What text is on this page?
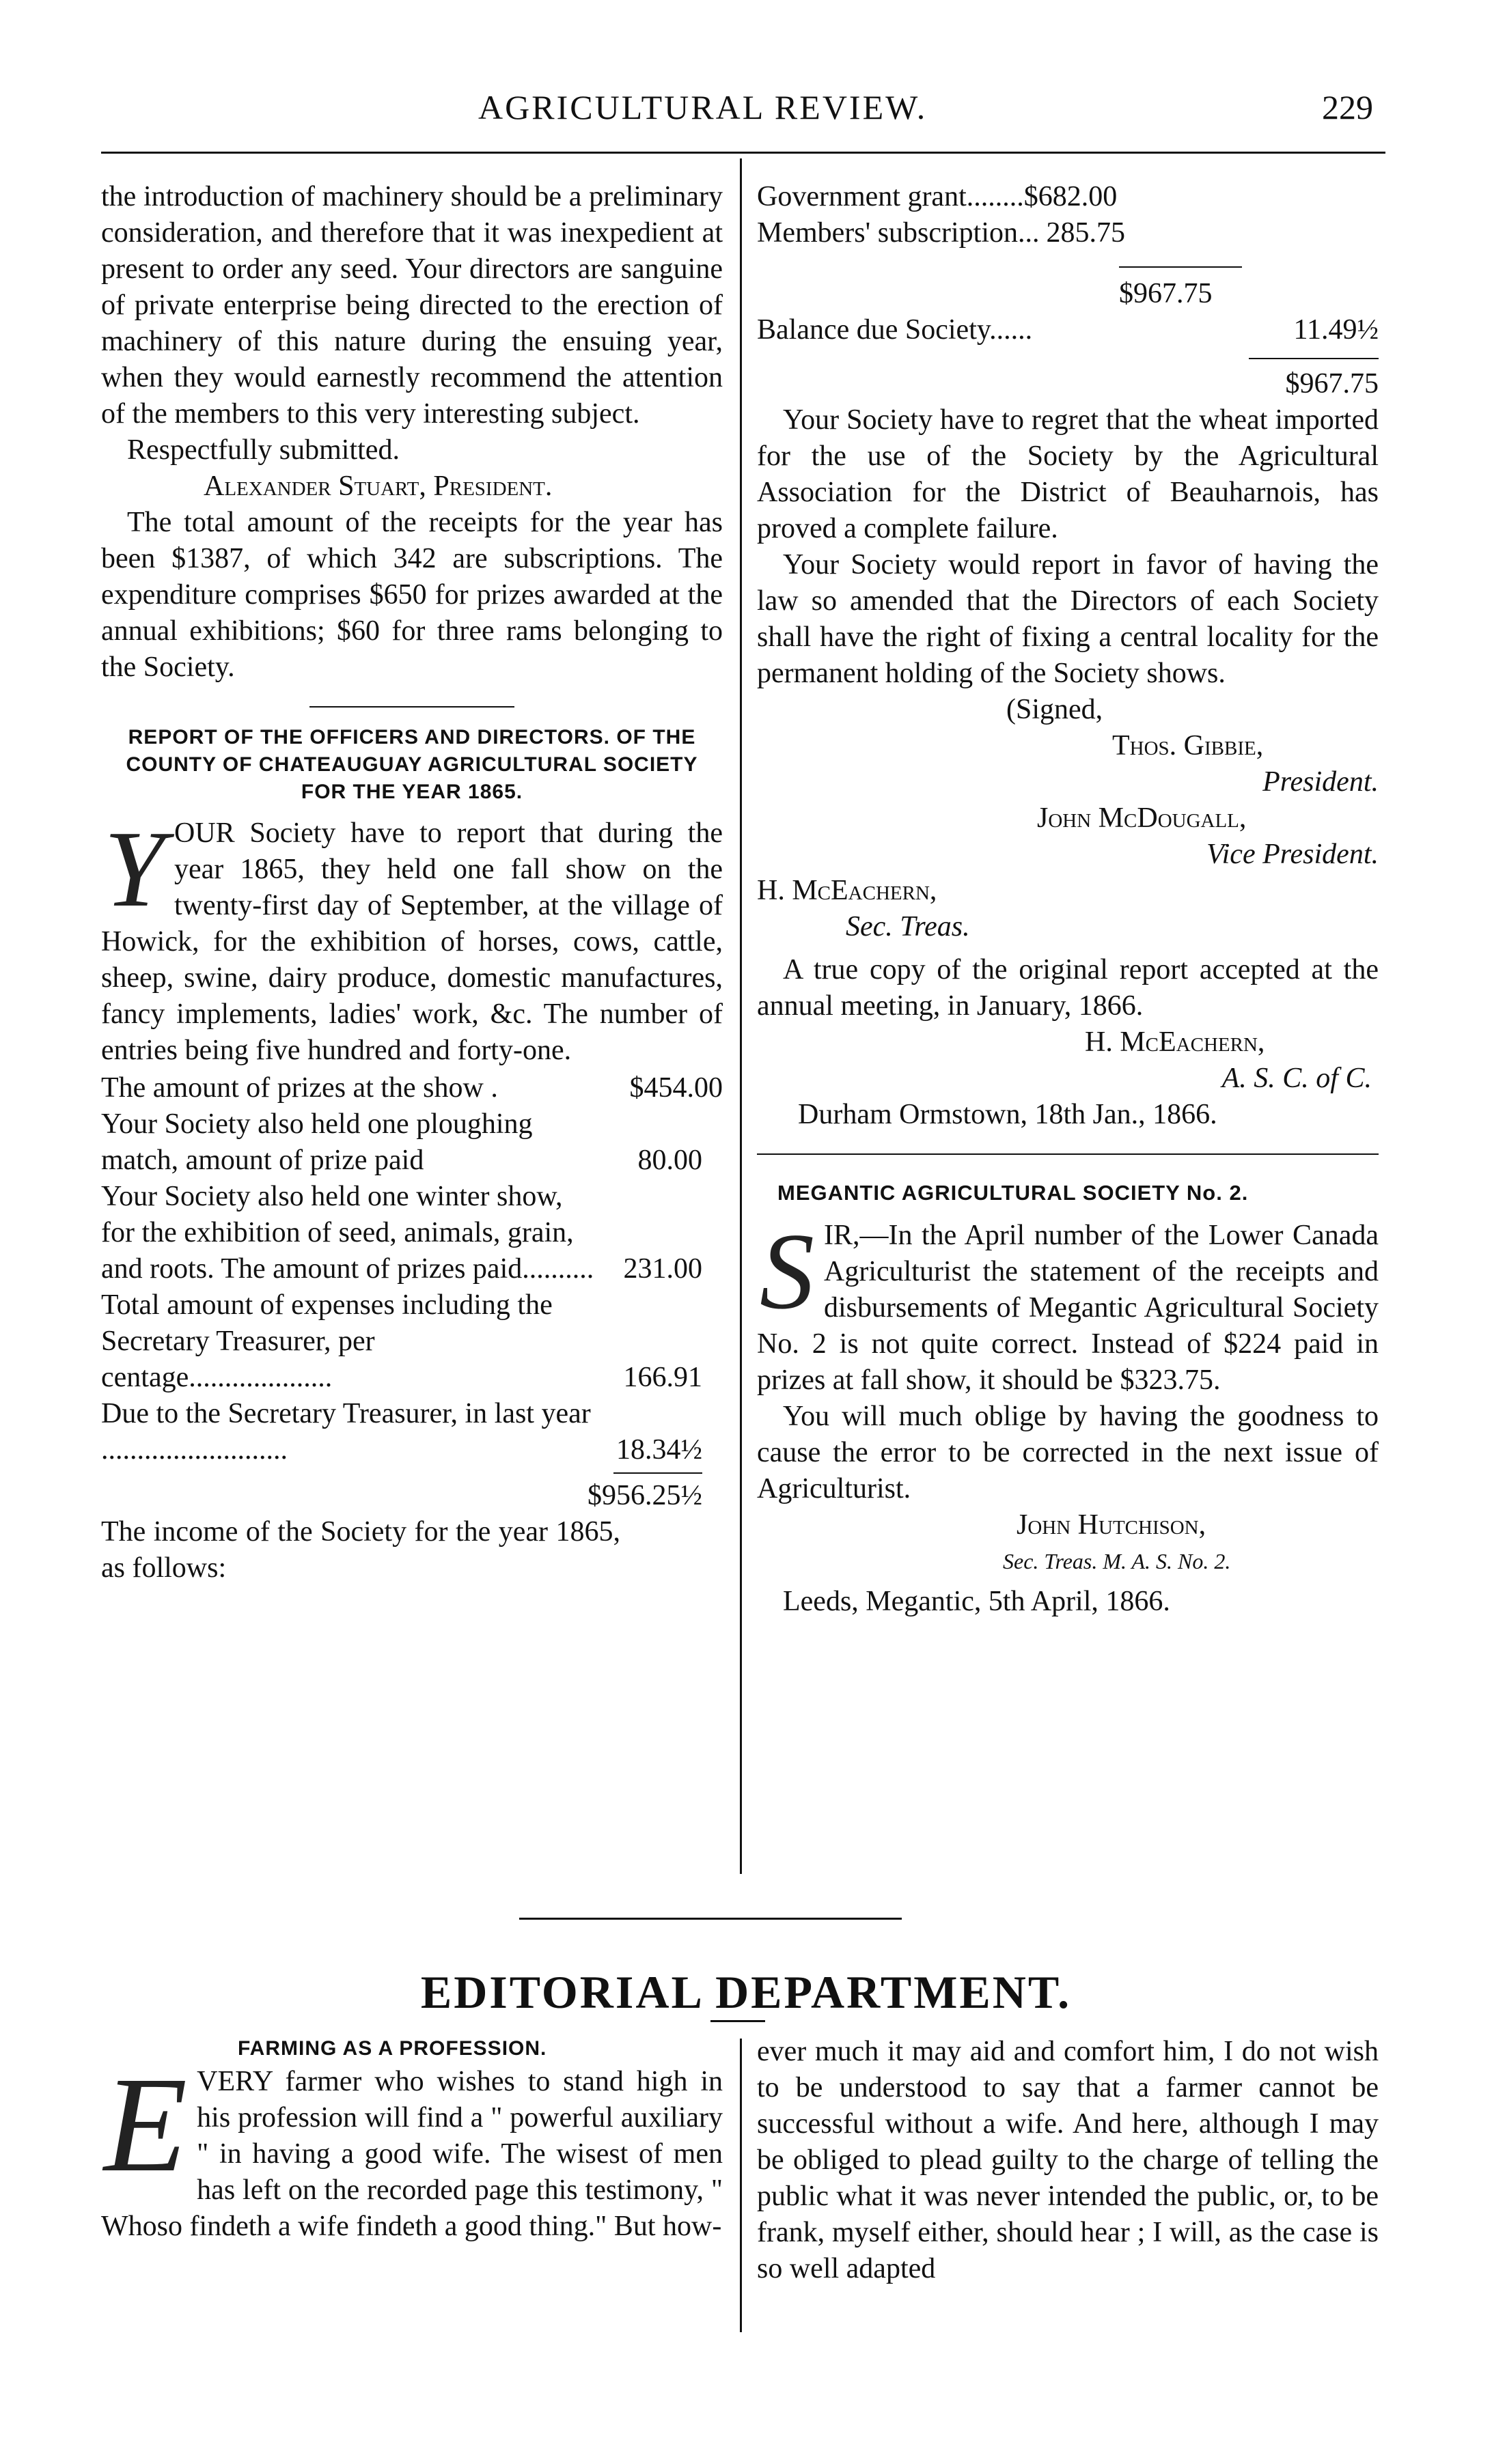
AGRICULTURAL REVIEW.	229

the introduction of machinery should be a preliminary consideration, and therefore that it was inexpedient at present to order any seed. Your directors are sanguine of private enterprise being directed to the erection of machinery of this nature during the ensuing year, when they would earnestly recommend the attention of the members to this very interesting subject.

Respectfully submitted.

Alexander Stuart, President.

The total amount of the receipts for the year has been $1387, of which 342 are subscriptions. The expenditure comprises $650 for prizes awarded at the annual exhibitions; $60 for three rams belonging to the Society.

REPORT OF THE OFFICERS AND DIRECTORS. OF THE COUNTY OF CHATEAUGUAY AGRICULTURAL SOCIETY FOR THE YEAR 1865.

Y OUR Society have to report that during the year 1865, they held one fall show on the twenty-first day of September, at the village of Howick, for the exhibition of horses, cows, cattle, sheep, swine, dairy produce, domestic manufactures, fancy implements, ladies' work, &c. The number of entries being five hundred and forty-one.

The amount of prizes at the show .	$454.00
Your Society also held one ploughing match, amount of prize paid	80.00
Your Society also held one winter show, for the exhibition of seed, animals, grain, and roots. The amount of prizes paid.......... 231.00
Total amount of expenses including the Secretary Treasurer, per centage....................	166.91
Due to the Secretary Treasurer, in last year ..........................	18.34½
$956.25½

The income of the Society for the year 1865, as follows:

Government grant........ $682.00
Members' subscription... 285.75
$967.75
Balance due Society......	11.49½
$967.75

Your Society have to regret that the wheat imported for the use of the Society by the Agricultural Association for the District of Beauharnois, has proved a complete failure.

Your Society would report in favor of having the law so amended that the Directors of each Society shall have the right of fixing a central locality for the permanent holding of the Society shows.

(Signed,

Thos. Gibbie,

President.

John McDougall,

Vice President.

H. McEachern,

Sec. Treas.

A true copy of the original report accepted at the annual meeting, in January, 1866.

H. McEachern,

A. S. C. of C.

Durham Ormstown, 18th Jan., 1866.

MEGANTIC AGRICULTURAL SOCIETY No. 2.

S IR,—In the April number of the Lower Canada Agriculturist the statement of the receipts and disbursements of Megantic Agricultural Society No. 2 is not quite correct. Instead of $224 paid in prizes at fall show, it should be $323.75.

You will much oblige by having the goodness to cause the error to be corrected in the next issue of Agriculturist.

John Hutchison,

Sec. Treas. M. A. S. No. 2.

Leeds, Megantic, 5th April, 1866.

EDITORIAL DEPARTMENT.

FARMING AS A PROFESSION.

E VERY farmer who wishes to stand high in his profession will find a " powerful auxiliary " in having a good wife. The wisest of men has left on the recorded page this testimony, " Whoso findeth a wife findeth a good thing." But how-

ever much it may aid and comfort him, I do not wish to be understood to say that a farmer cannot be successful without a wife. And here, although I may be obliged to plead guilty to the charge of telling the public what it was never intended the public, or, to be frank, myself either, should hear ; I will, as the case is so well adapted
